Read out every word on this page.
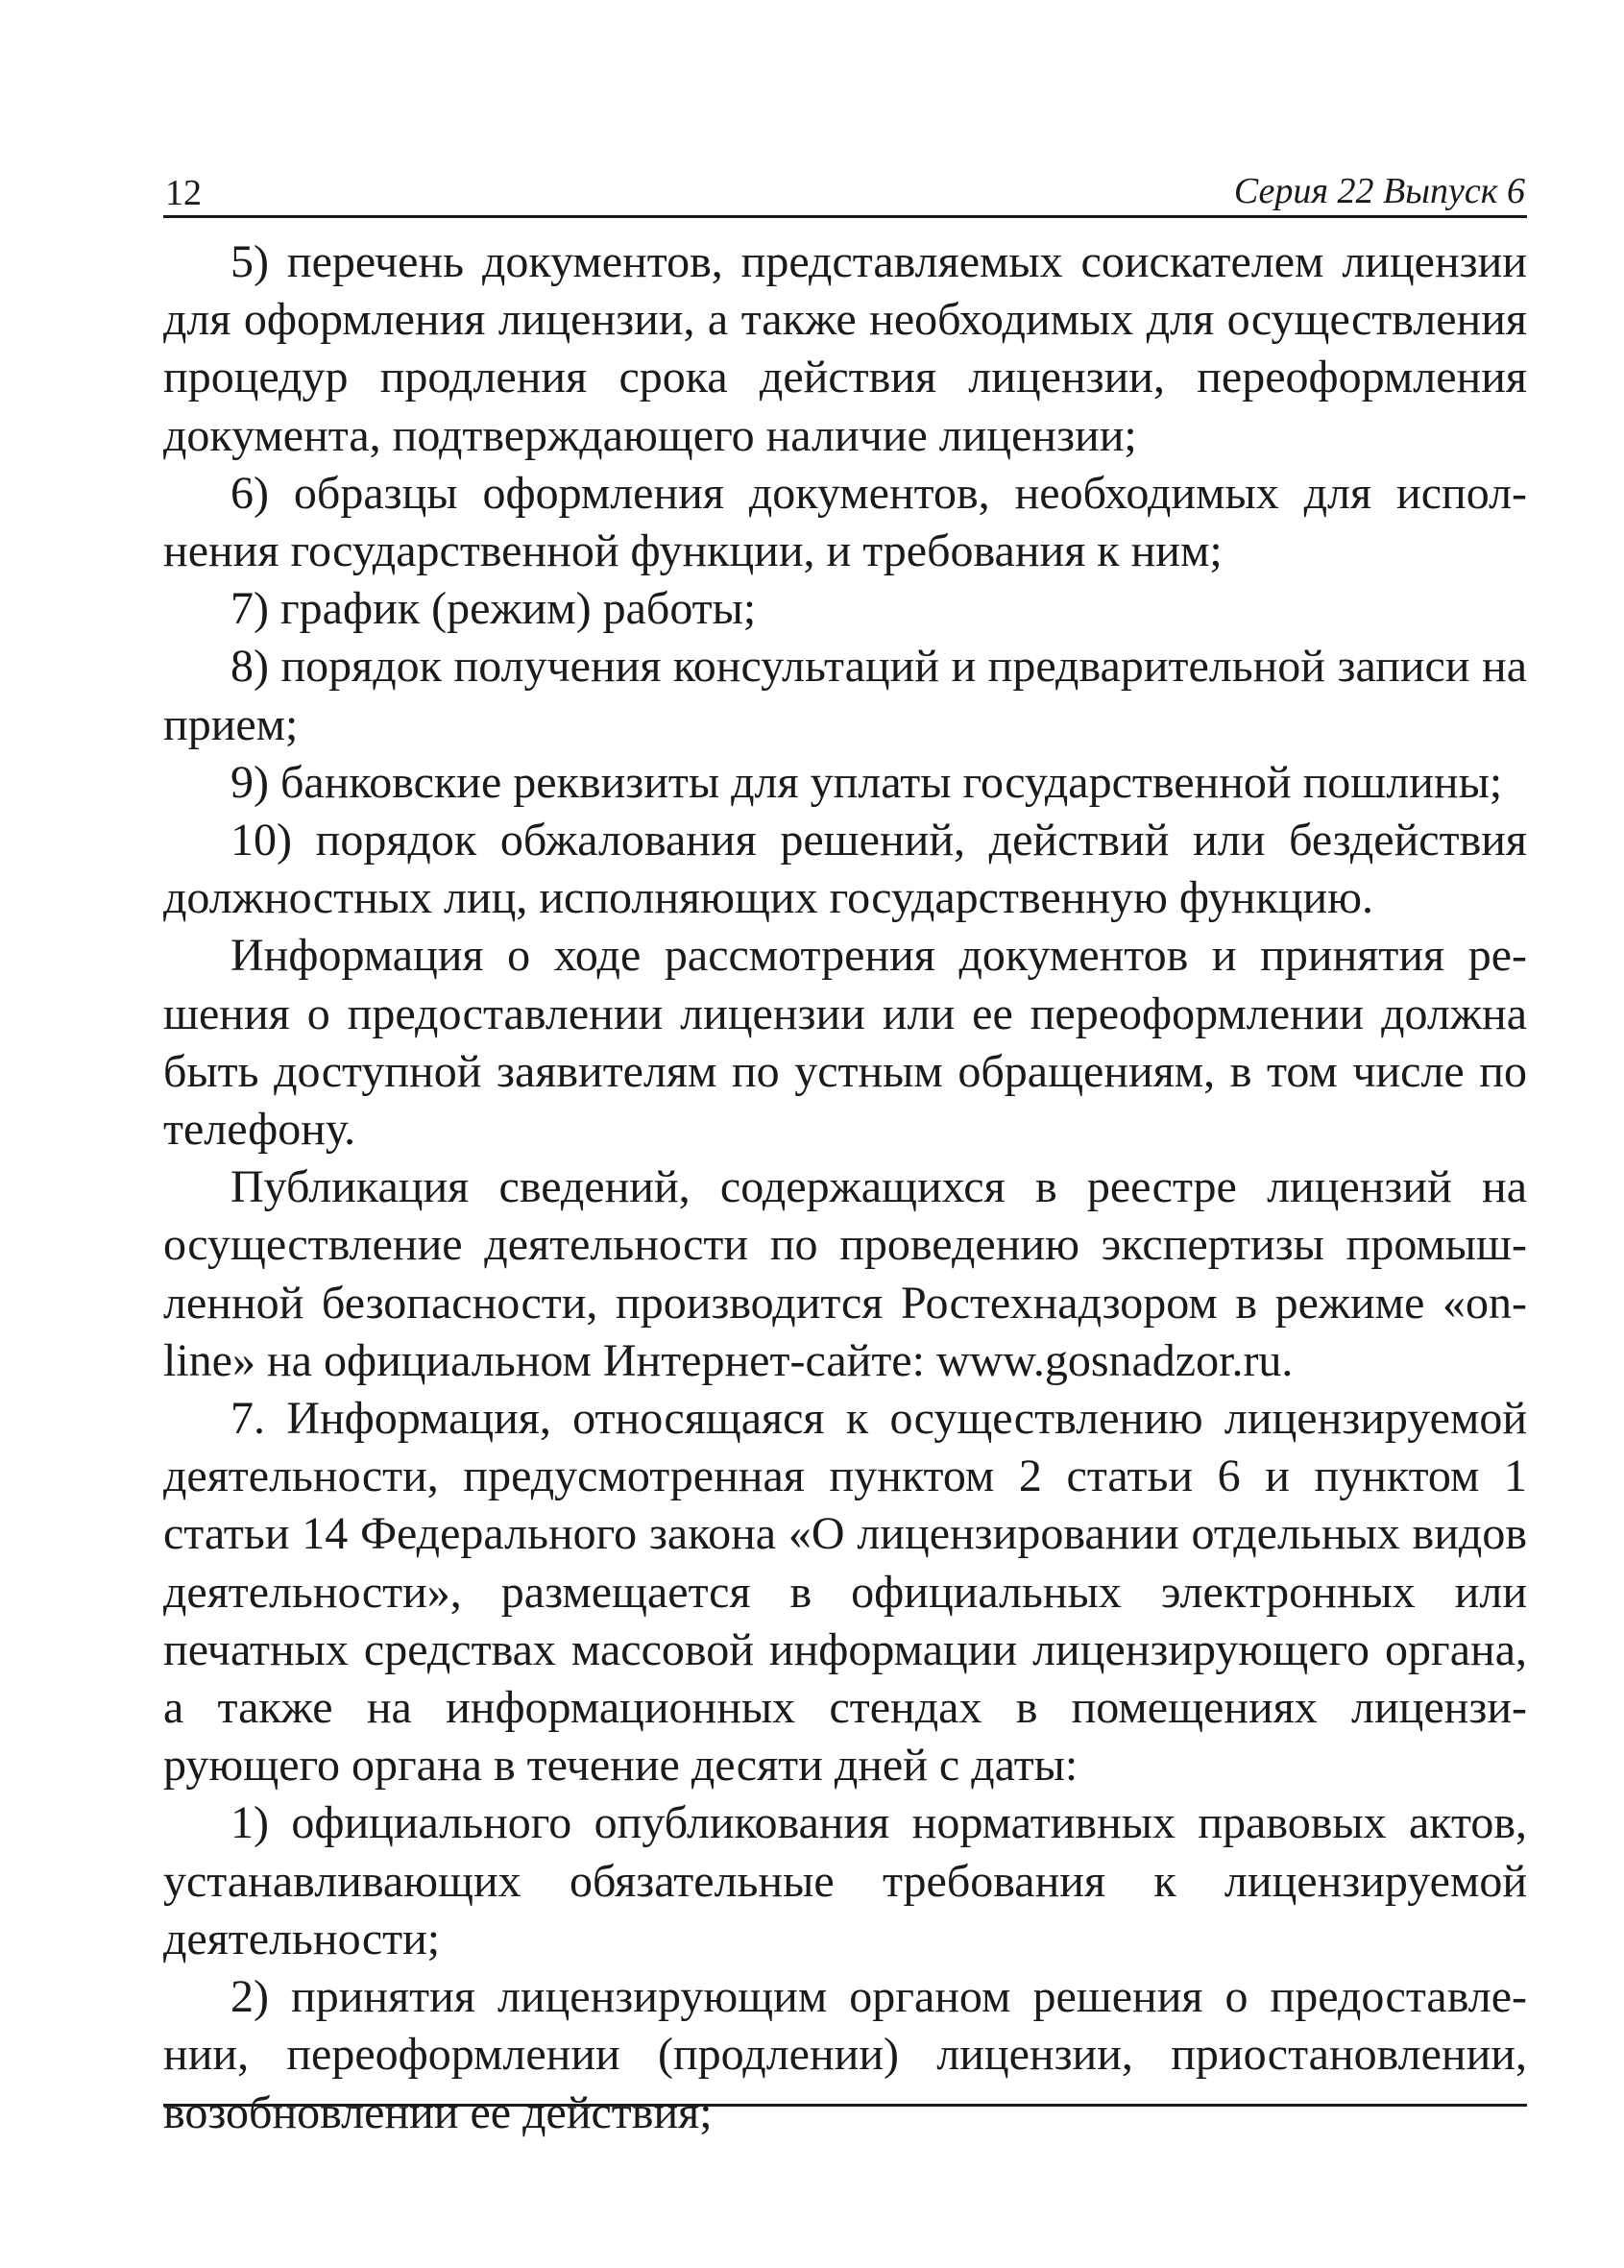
12	Серия 22 Выпуск 6

5) перечень документов, представляемых соискателем лицензии для оформления лицензии, а также необходимых для осуществления процедур продления срока действия лицензии, переоформления документа, подтверждающего наличие лицензии;

6) образцы оформления документов, необходимых для исполнения государственной функции, и требования к ним;

7) график (режим) работы;

8) порядок получения консультаций и предварительной записи на прием;

9) банковские реквизиты для уплаты государственной пошлины;

10) порядок обжалования решений, действий или бездействия должностных лиц, исполняющих государственную функцию.

Информация о ходе рассмотрения документов и принятия решения о предоставлении лицензии или ее переоформлении должна быть доступной заявителям по устным обращениям, в том числе по телефону.

Публикация сведений, содержащихся в реестре лицензий на осуществление деятельности по проведению экспертизы промышленной безопасности, производится Ростехнадзором в режиме «online» на официальном Интернет-сайте: www.gosnadzor.ru.

7. Информация, относящаяся к осуществлению лицензируемой деятельности, предусмотренная пунктом 2 статьи 6 и пунктом 1 статьи 14 Федерального закона «О лицензировании отдельных видов деятельности», размещается в официальных электронных или печатных средствах массовой информации лицензирующего органа, а также на информационных стендах в помещениях лицензирующего органа в течение десяти дней с даты:

1) официального опубликования нормативных правовых актов, устанавливающих обязательные требования к лицензируемой деятельности;

2) принятия лицензирующим органом решения о предоставлении, переоформлении (продлении) лицензии, приостановлении, возобновлении ее действия;
